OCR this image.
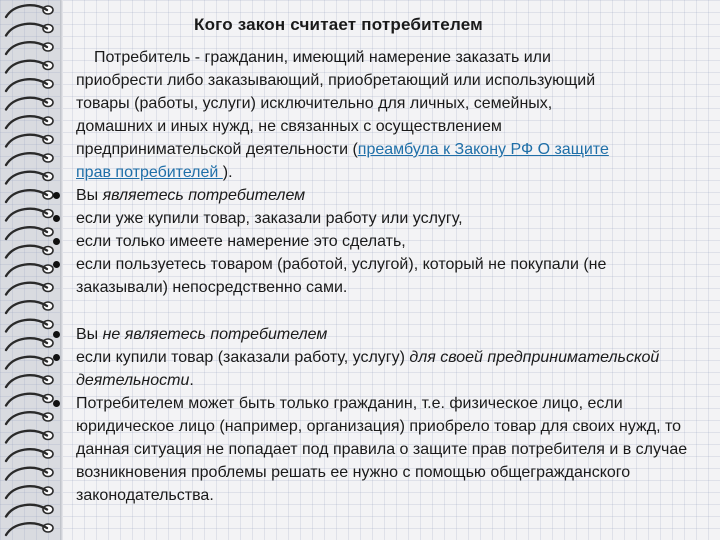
Кого закон считает потребителем

Потребитель - гражданин, имеющий намерение заказать или
приобрести либо заказывающий, приобретающий или использующий
товары (работы, услуги) исключительно для личных, семейных,
домашних и иных нужд, не связанных с осуществлением
предпринимательской деятельности (преамбула к Закону РФ О защите
прав потребителей ).

Вы являетесь потребителем
если уже купили товар, заказали работу или услугу,
если только имеете намерение это сделать,
если пользуетесь товаром (работой, услугой), который не покупали (не заказывали) непосредственно сами.
Вы не являетесь потребителем
если купили товар (заказали работу, услугу) для своей предпринимательской деятельности.
Потребителем может быть только гражданин, т.е. физическое лицо, если юридическое лицо (например, организация) приобрело товар для своих нужд, то данная ситуация не попадает под правила о защите прав потребителя и в случае возникновения проблемы решать ее нужно с помощью общегражданского законодательства.
